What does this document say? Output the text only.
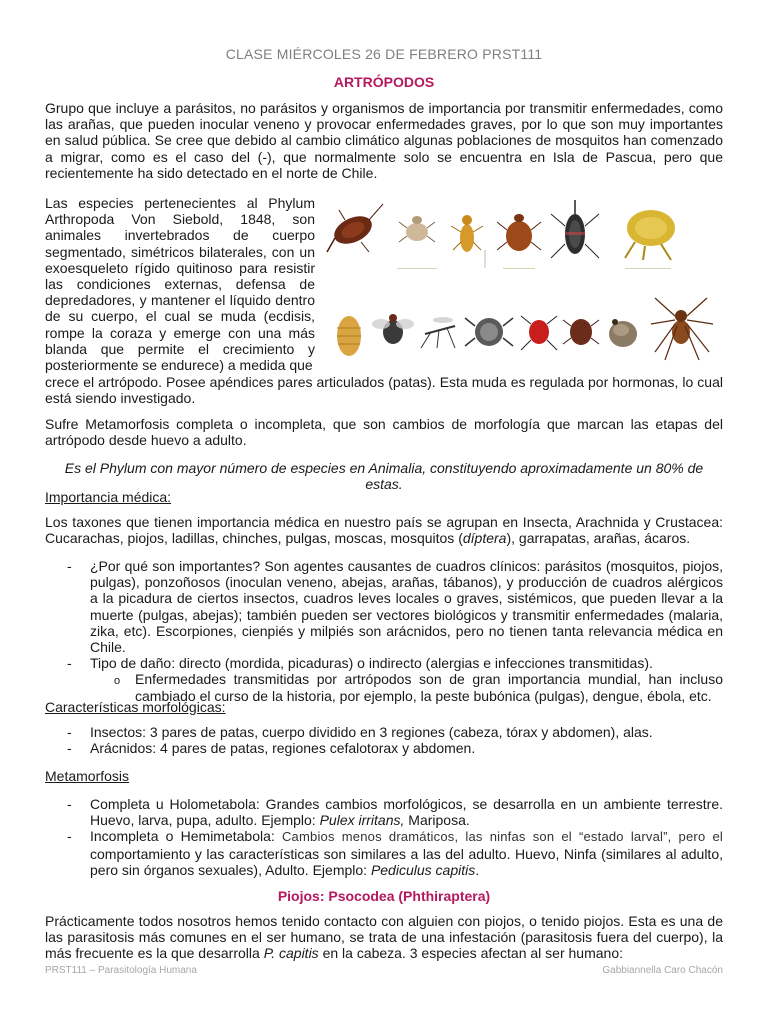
CLASE MIÉRCOLES 26 DE FEBRERO PRST111
ARTRÓPODOS

Grupo que incluye a parásitos, no parásitos y organismos de importancia por transmitir enfermedades, como las arañas, que pueden inocular veneno y provocar enfermedades graves, por lo que son muy importantes en salud pública. Se cree que debido al cambio climático algunas poblaciones de mosquitos han comenzado a migrar, como es el caso del (-), que normalmente solo se encuentra en Isla de Pascua, pero que recientemente ha sido detectado en el norte de Chile.

Las especies pertenecientes al Phylum Arthropoda Von Siebold, 1848, son animales invertebrados de cuerpo segmentado, simétricos bilaterales, con un exoesqueleto rígido quitinoso para resistir las condiciones externas, defensa de depredadores, y mantener el líquido dentro de su cuerpo, el cual se muda (ecdisis, rompe la coraza y emerge con una más blanda que permite el crecimiento y posteriormente se endurece) a medida que

crece el artrópodo. Posee apéndices pares articulados (patas). Esta muda es regulada por hormonas, lo cual está siendo investigado.

Sufre Metamorfosis completa o incompleta, que son cambios de morfología que marcan las etapas del artrópodo desde huevo a adulto.

Es el Phylum con mayor número de especies en Animalia, constituyendo aproximadamente un 80% de estas.

Importancia médica:

Los taxones que tienen importancia médica en nuestro país se agrupan en Insecta, Arachnida y Crustacea: Cucarachas, piojos, ladillas, chinches, pulgas, moscas, mosquitos (díptera), garrapatas, arañas, ácaros.

- ¿Por qué son importantes? Son agentes causantes de cuadros clínicos: parásitos (mosquitos, piojos, pulgas), ponzoñosos (inoculan veneno, abejas, arañas, tábanos), y producción de cuadros alérgicos a la picadura de ciertos insectos, cuadros leves locales o graves, sistémicos, que pueden llevar a la muerte (pulgas, abejas); también pueden ser vectores biológicos y transmitir enfermedades (malaria, zika, etc). Escorpiones, cienpiés y milpiés son arácnidos, pero no tienen tanta relevancia médica en Chile.
- Tipo de daño: directo (mordida, picaduras) o indirecto (alergias e infecciones transmitidas).
o Enfermedades transmitidas por artrópodos son de gran importancia mundial, han incluso cambiado el curso de la historia, por ejemplo, la peste bubónica (pulgas), dengue, ébola, etc.
Características morfológicas:
- Insectos: 3 pares de patas, cuerpo dividido en 3 regiones (cabeza, tórax y abdomen), alas.
- Arácnidos: 4 pares de patas, regiones cefalotorax y abdomen.
Metamorfosis
- Completa u Holometabola: Grandes cambios morfológicos, se desarrolla en un ambiente terrestre. Huevo, larva, pupa, adulto. Ejemplo: Pulex irritans, Mariposa.
- Incompleta o Hemimetabola: Cambios menos dramáticos, las ninfas son el “estado larval”, pero el comportamiento y las características son similares a las del adulto. Huevo, Ninfa (similares al adulto, pero sin órganos sexuales), Adulto. Ejemplo: Pediculus capitis.
Piojos: Psocodea (Phthiraptera)

Prácticamente todos nosotros hemos tenido contacto con alguien con piojos, o tenido piojos. Esta es una de las parasitosis más comunes en el ser humano, se trata de una infestación (parasitosis fuera del cuerpo), la más frecuente es la que desarrolla P. capitis en la cabeza. 3 especies afectan al ser humano:

PRST111 – Parasitología Humana	Gabbiannella Caro Chacón
